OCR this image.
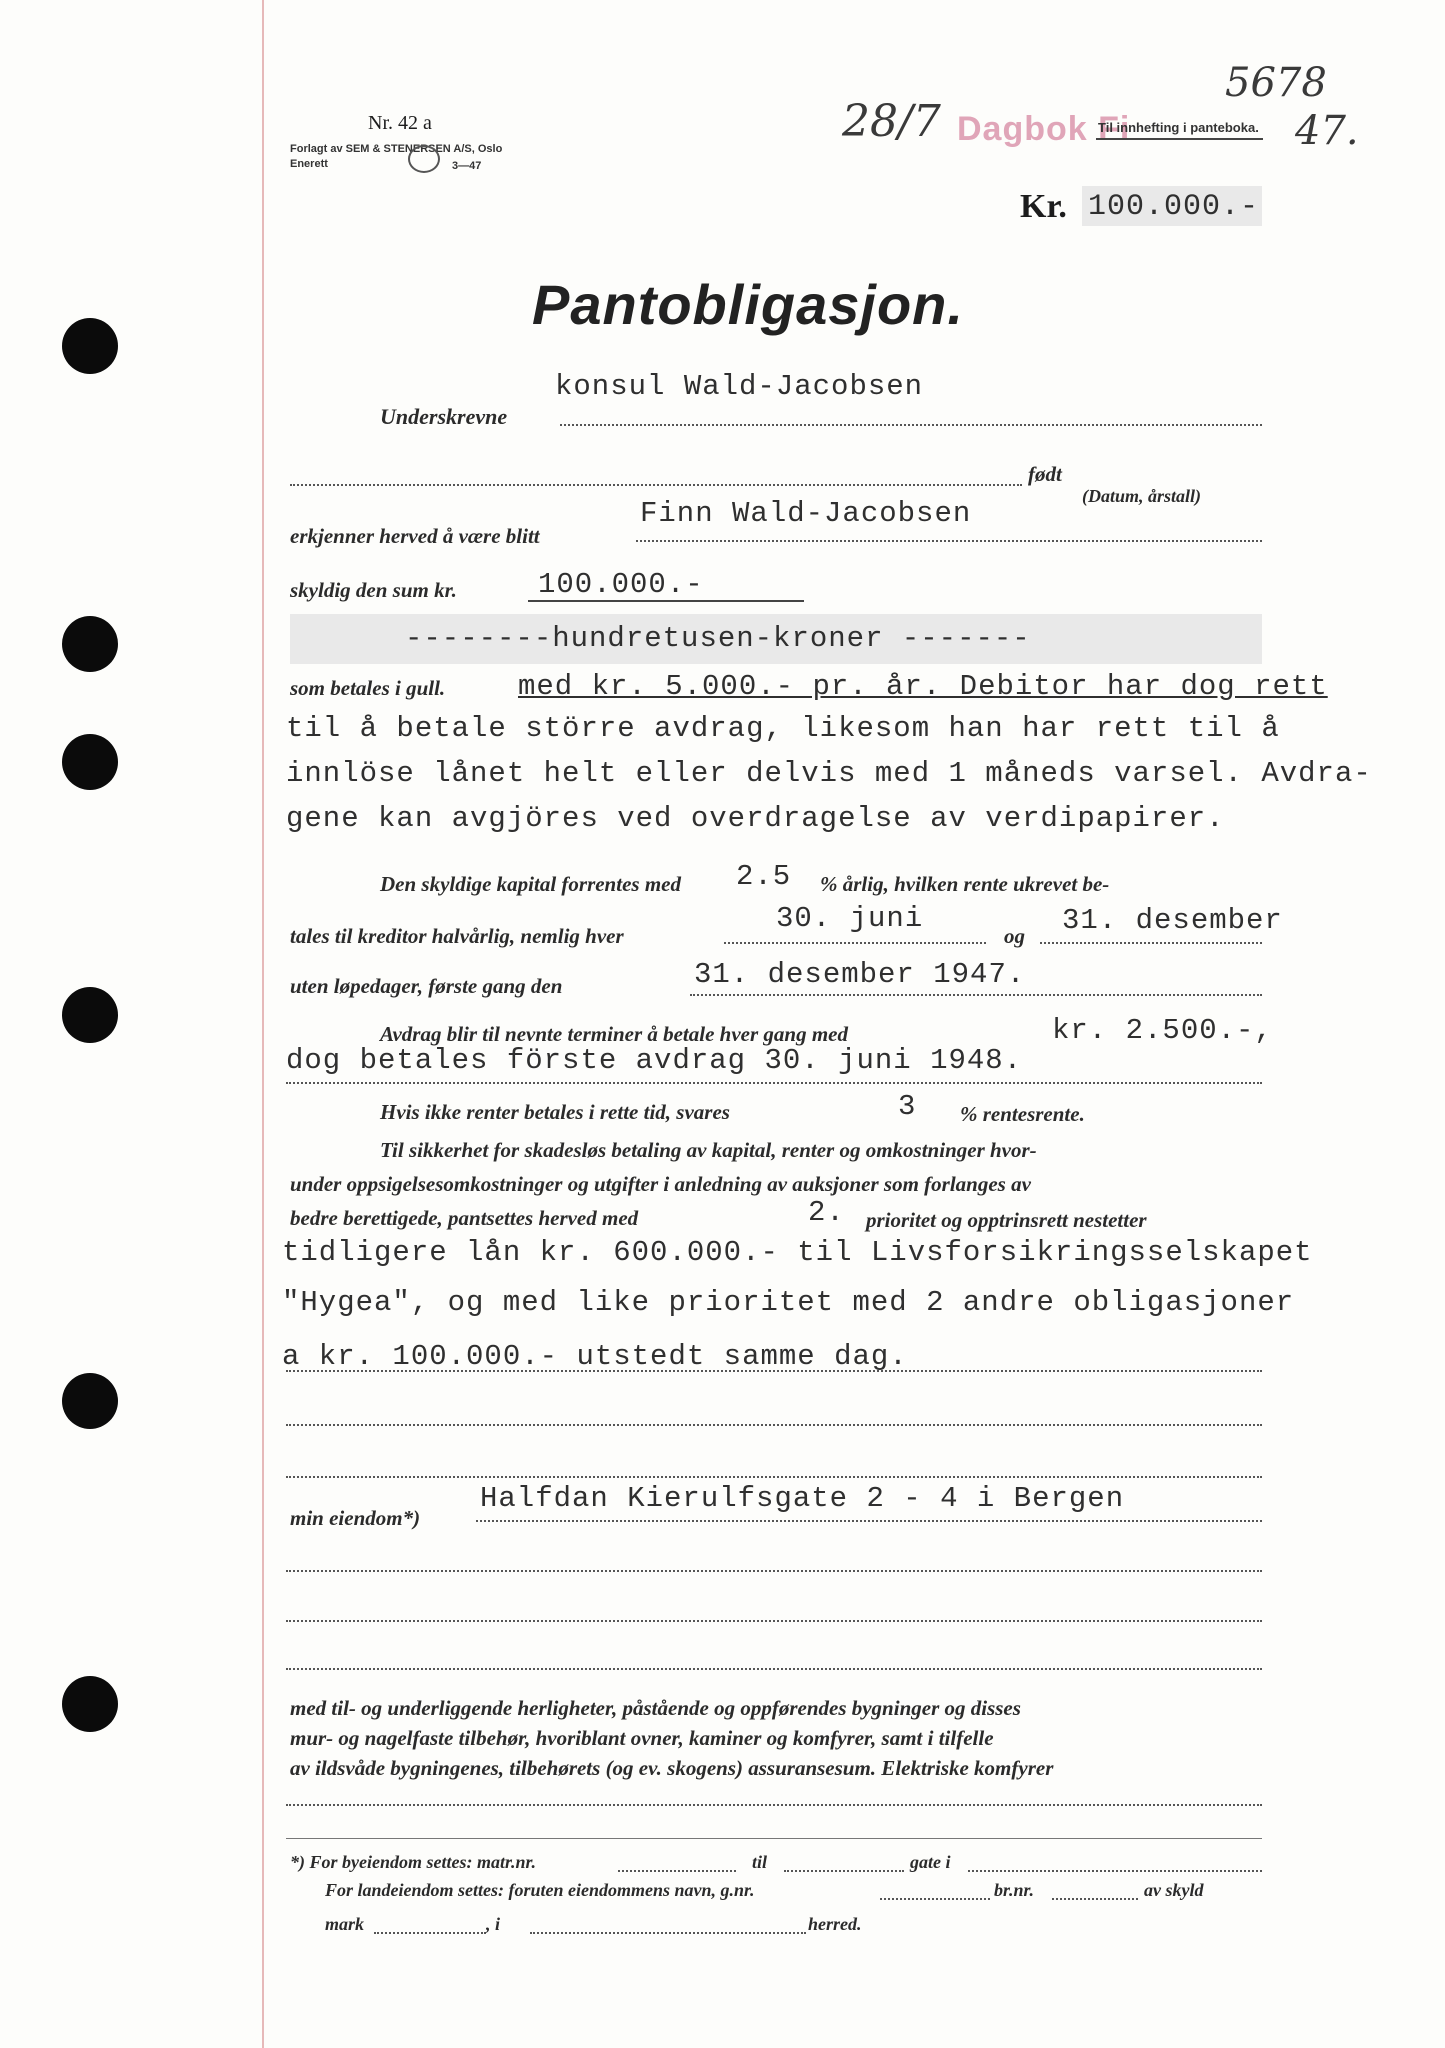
Nr. 42 a
Forlagt av SEM & STENERSEN A/S, Oslo
Enerett	3—47
28/7 Dagbok Fi
Til innhefting i panteboka.
5678
47.
Kr. 100.000.-
Pantobligasjon.
konsul Wald-Jacobsen
Underskrevne
født
(Datum, årstall)
erkjenner herved å være blitt
Finn Wald-Jacobsen
skyldig den sum kr.	100.000.-
--------hundretusen-kroner -------
som betales i gull.	med kr. 5.000.- pr. år. Debitor har dog rett
til å betale större avdrag, likesom han har rett til å
innlöse lånet helt eller delvis med 1 måneds varsel. Avdra-
gene kan avgjöres ved overdragelse av verdipapirer.
Den skyldige kapital forrentes med 2.5 % årlig, hvilken rente ukrevet be-
tales til kreditor halvårlig, nemlig hver
30. juni
og 31. desember
uten løpedager, første gang den	31. desember 1947.
Avdrag blir til nevnte terminer å betale hver gang med	kr. 2.500.-,
dog betales förste avdrag 30. juni 1948.
Hvis ikke renter betales i rette tid, svares	3 % rentesrente.
Til sikkerhet for skadesløs betaling av kapital, renter og omkostninger hvor-
under oppsigelsesomkostninger og utgifter i anledning av auksjoner som forlanges av
bedre berettigede, pantsettes herved med	2. prioritet og opptrinsrett nestetter
tidligere lån kr. 600.000.- til Livsforsikringsselskapet
"Hygea", og med like prioritet med 2 andre obligasjoner
a kr. 100.000.- utstedt samme dag.
min eiendom*)
Halfdan Kierulfsgate 2 - 4 i Bergen
med til- og underliggende herligheter, påstående og oppførendes bygninger og disses
mur- og nagelfaste tilbehør, hvoriblant ovner, kaminer og komfyrer, samt i tilfelle
av ildsvåde bygningenes, tilbehørets (og ev. skogens) assuransesum. Elektriske komfyrer
*) For byeiendom settes: matr.nr.	til	gate i
For landeiendom settes: foruten eiendommens navn, g.nr.	br.nr.	av skyld
mark	, i	herred.
